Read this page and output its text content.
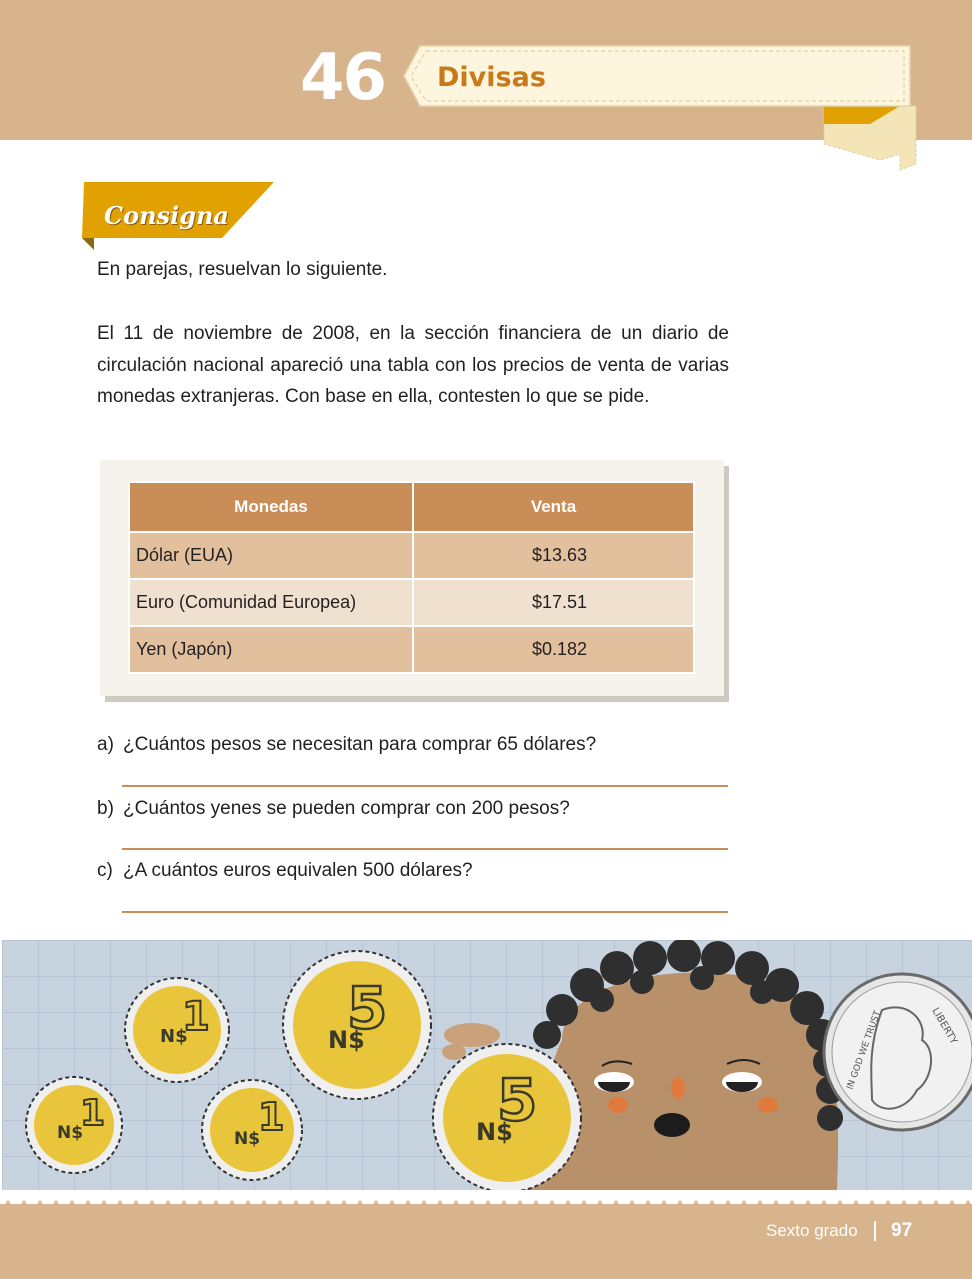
46	Divisas
Consigna
En parejas, resuelvan lo siguiente.
El 11 de noviembre de 2008, en la sección financiera de un diario de circulación nacional apareció una tabla con los precios de venta de varias monedas extranjeras. Con base en ella, contesten lo que se pide.
Monedas	Venta
Dólar (EUA)	$13.63
Euro (Comunidad Europea)	$17.51
Yen (Japón)	$0.182
a) ¿Cuántos pesos se necesitan para comprar 65 dólares?
b) ¿Cuántos yenes se pueden comprar con 200 pesos?
c) ¿A cuántos euros equivalen 500 dólares?
N$
1
N$
1
N$
1
N$
5
N$
5
LIBERTY
IN GOD WE TRUST
Sexto grado 97
